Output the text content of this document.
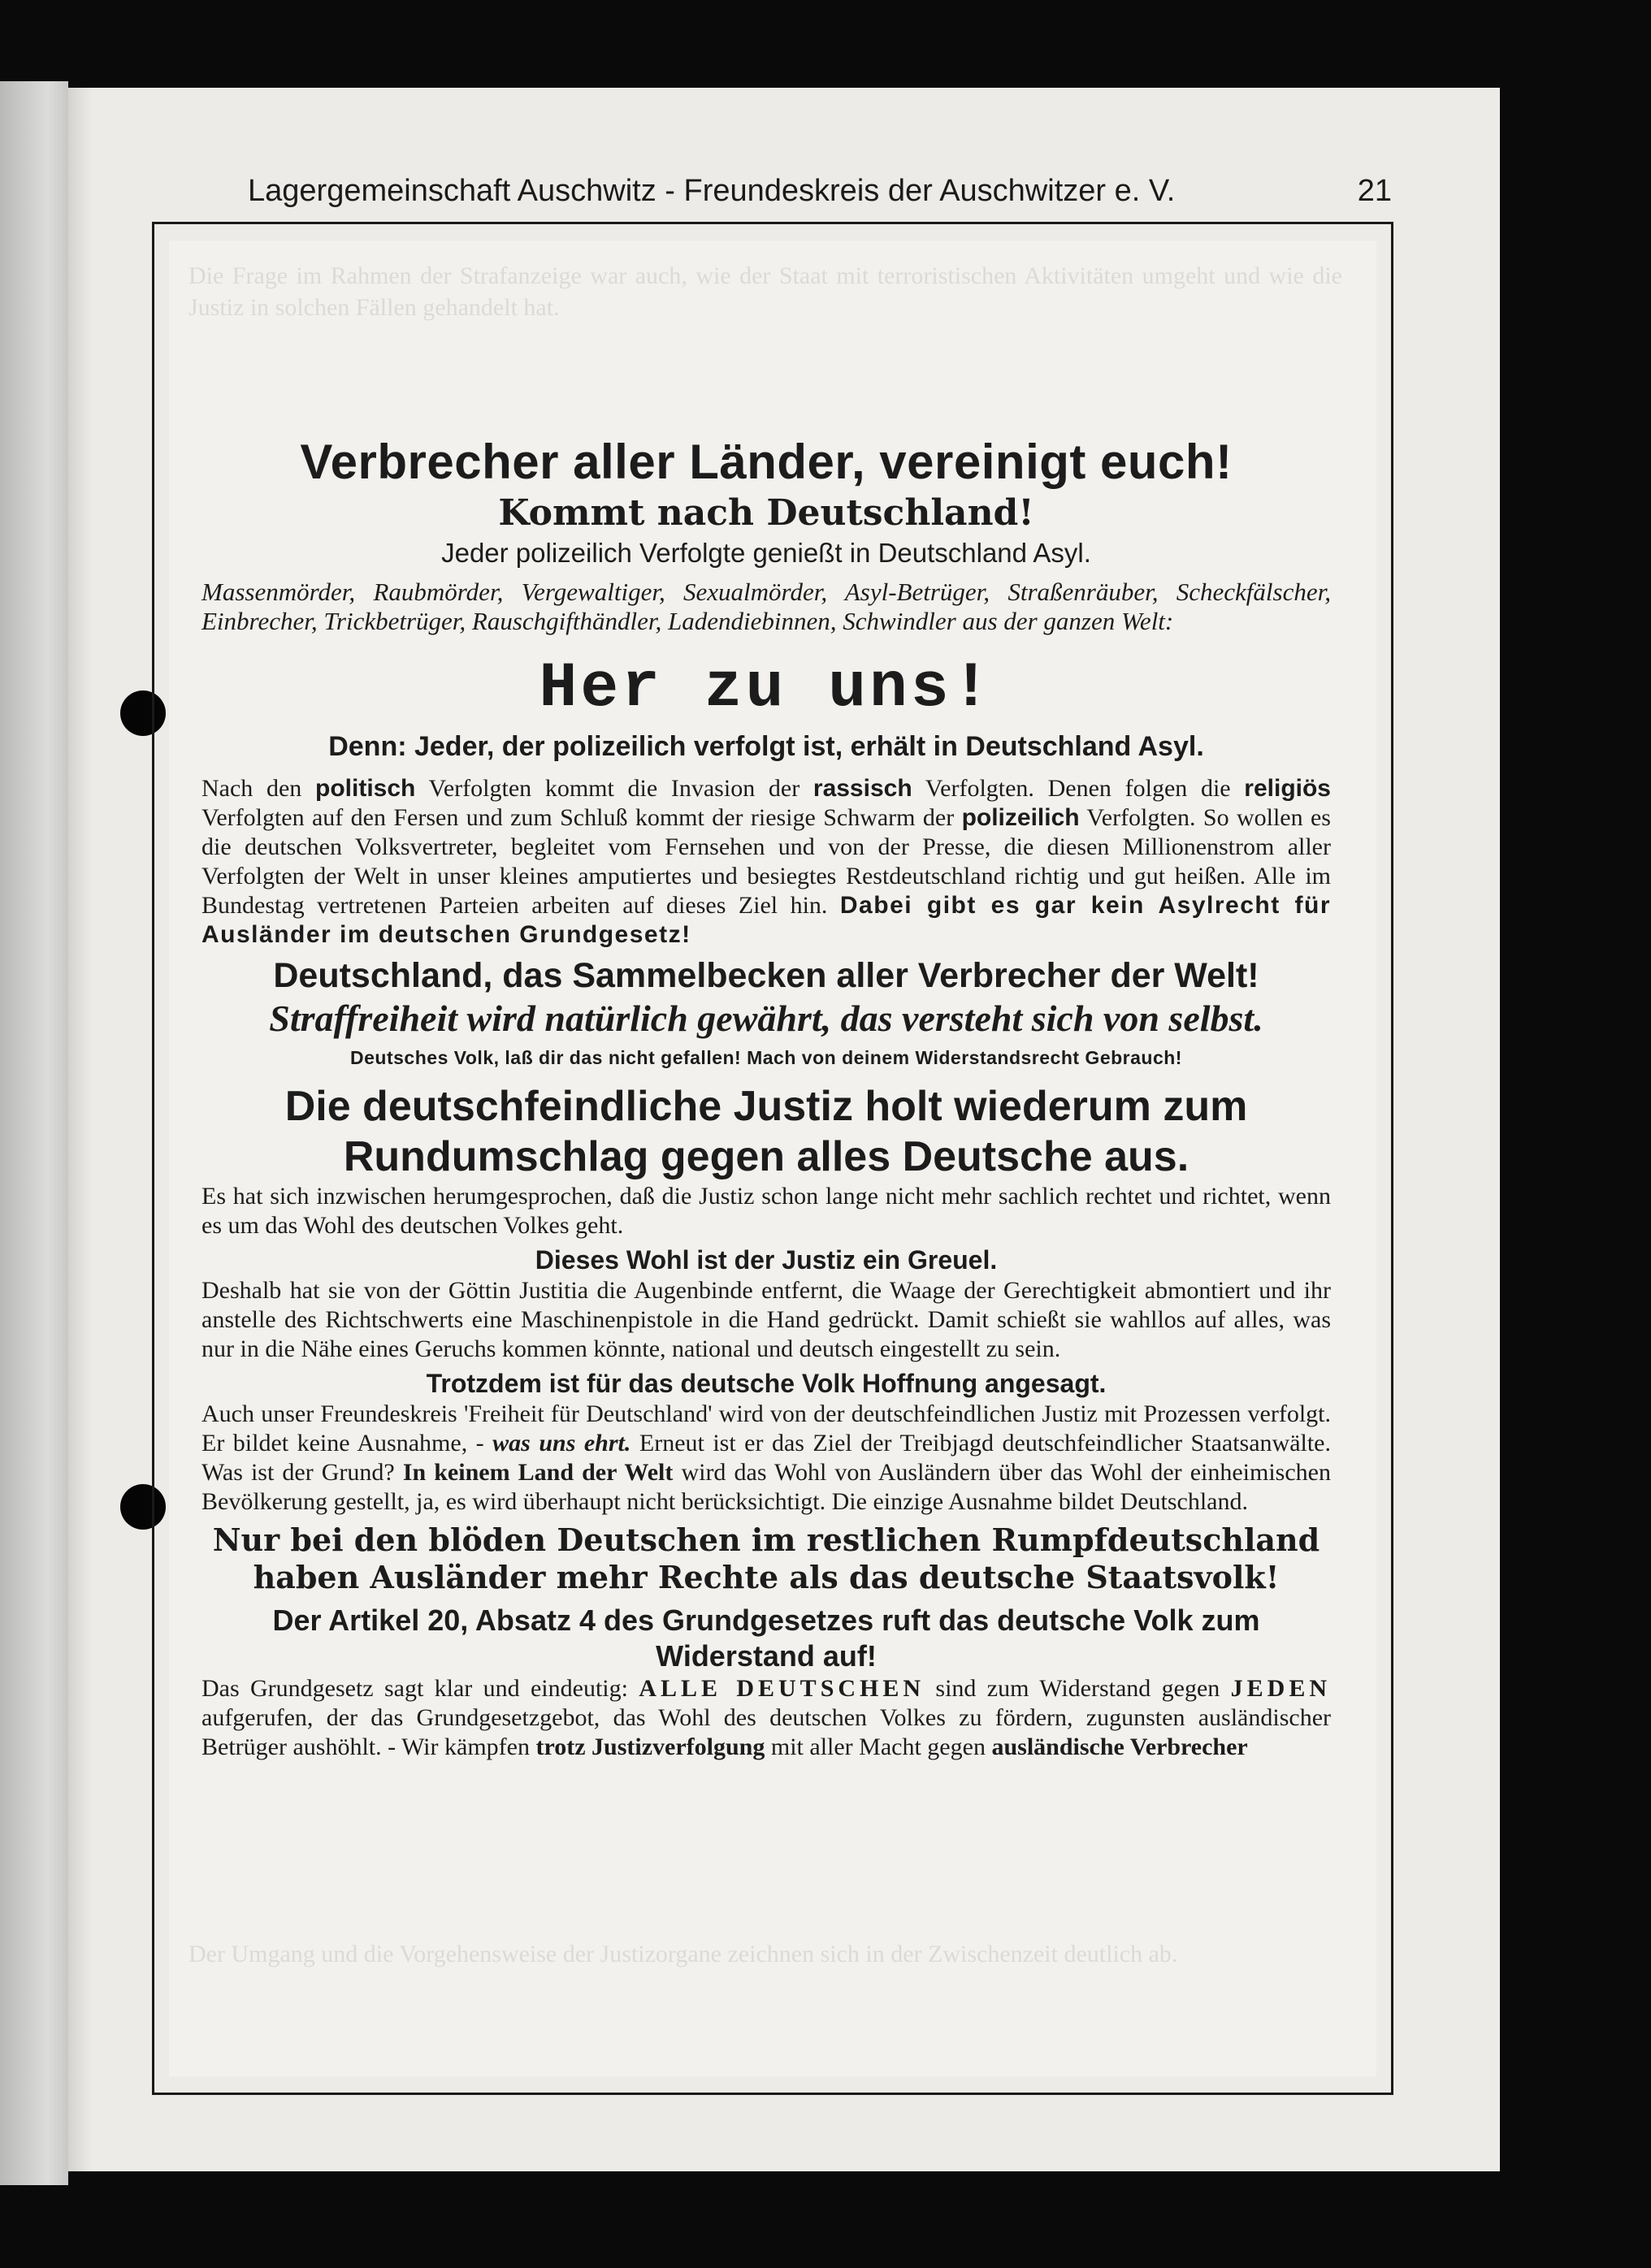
Lagergemeinschaft Auschwitz - Freundeskreis der Auschwitzer e. V.	21
Die Frage im Rahmen der Strafanzeige war auch, wie der Staat mit terroristischen Aktivitäten umgeht und wie die Justiz in solchen Fällen gehandelt hat.
Der Umgang und die Vorgehensweise der Justizorgane zeichnen sich in der Zwischenzeit deutlich ab.

Verbrecher aller Länder, vereinigt euch!

Kommt nach Deutschland!

Jeder polizeilich Verfolgte genießt in Deutschland Asyl.

Massenmörder, Raubmörder, Vergewaltiger, Sexualmörder, Asyl-Betrüger, Straßenräuber, Scheckfälscher, Einbrecher, Trickbetrüger, Rauschgifthändler, Ladendiebinnen, Schwindler aus der ganzen Welt:

Her zu uns!

Denn: Jeder, der polizeilich verfolgt ist, erhält in Deutschland Asyl.

Nach den politisch Verfolgten kommt die Invasion der rassisch Verfolgten. Denen folgen die religiös Verfolgten auf den Fersen und zum Schluß kommt der riesige Schwarm der polizeilich Verfolgten. So wollen es die deutschen Volksvertreter, begleitet vom Fernsehen und von der Presse, die diesen Millionenstrom aller Verfolgten der Welt in unser kleines amputiertes und besiegtes Restdeutschland richtig und gut heißen. Alle im Bundestag vertretenen Parteien arbeiten auf dieses Ziel hin. Dabei gibt es gar kein Asylrecht für Ausländer im deutschen Grundgesetz!

Deutschland, das Sammelbecken aller Verbrecher der Welt!

Straffreiheit wird natürlich gewährt, das versteht sich von selbst.

Deutsches Volk, laß dir das nicht gefallen! Mach von deinem Widerstandsrecht Gebrauch!

Die deutschfeindliche Justiz holt wiederum zum Rundumschlag gegen alles Deutsche aus.

Es hat sich inzwischen herumgesprochen, daß die Justiz schon lange nicht mehr sachlich rechtet und richtet, wenn es um das Wohl des deutschen Volkes geht.

Dieses Wohl ist der Justiz ein Greuel.

Deshalb hat sie von der Göttin Justitia die Augenbinde entfernt, die Waage der Gerechtigkeit abmontiert und ihr anstelle des Richtschwerts eine Maschinenpistole in die Hand gedrückt. Damit schießt sie wahllos auf alles, was nur in die Nähe eines Geruchs kommen könnte, national und deutsch eingestellt zu sein.

Trotzdem ist für das deutsche Volk Hoffnung angesagt.

Auch unser Freundeskreis 'Freiheit für Deutschland' wird von der deutschfeindlichen Justiz mit Prozessen verfolgt. Er bildet keine Ausnahme, - was uns ehrt. Erneut ist er das Ziel der Treibjagd deutschfeindlicher Staatsanwälte. Was ist der Grund? In keinem Land der Welt wird das Wohl von Ausländern über das Wohl der einheimischen Bevölkerung gestellt, ja, es wird überhaupt nicht berücksichtigt. Die einzige Ausnahme bildet Deutschland.

Nur bei den blöden Deutschen im restlichen Rumpfdeutschland haben Ausländer mehr Rechte als das deutsche Staatsvolk!

Der Artikel 20, Absatz 4 des Grundgesetzes ruft das deutsche Volk zum Widerstand auf!

Das Grundgesetz sagt klar und eindeutig: ALLE DEUTSCHEN sind zum Widerstand gegen JEDEN aufgerufen, der das Grundgesetzgebot, das Wohl des deutschen Volkes zu fördern, zugunsten ausländischer Betrüger aushöhlt. - Wir kämpfen trotz Justizverfolgung mit aller Macht gegen ausländische Verbrecher
